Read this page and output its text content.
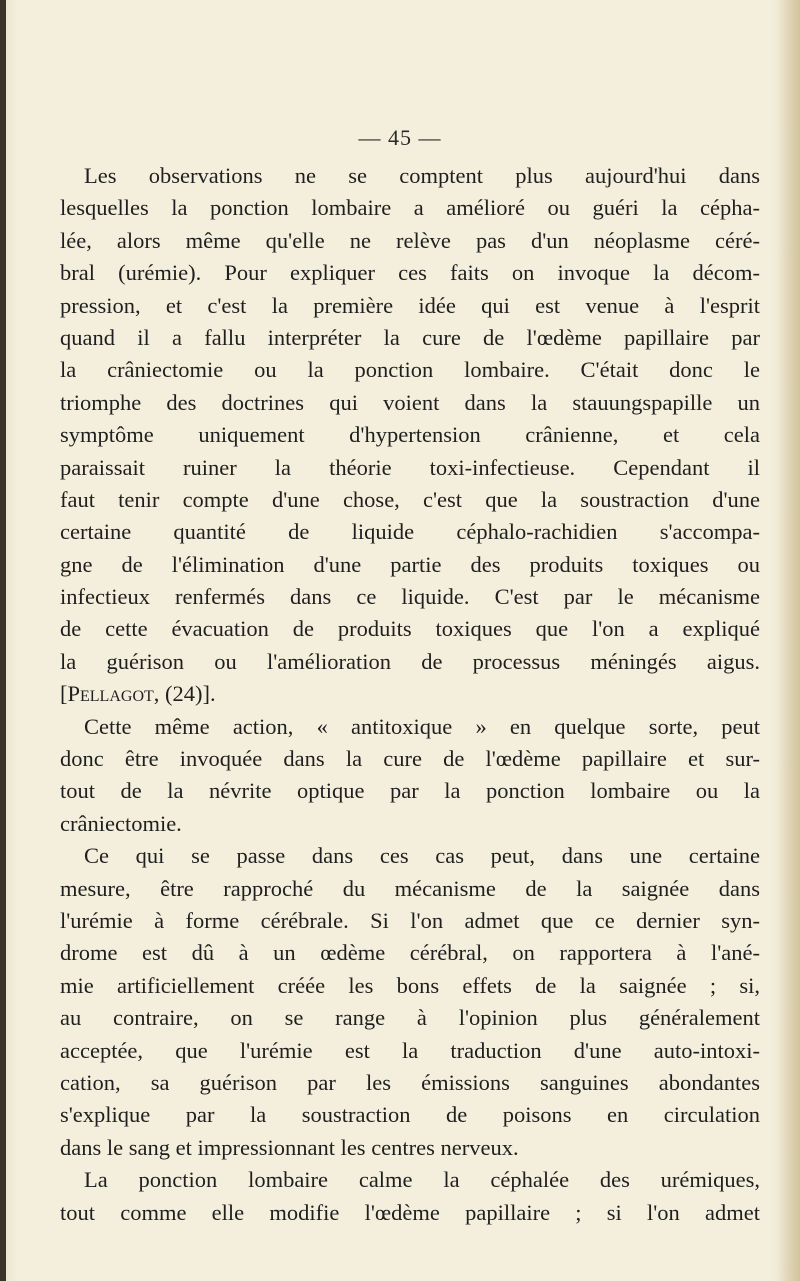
— 45 —
Les observations ne se comptent plus aujourd'hui dans
lesquelles la ponction lombaire a amélioré ou guéri la cépha-
lée, alors même qu'elle ne relève pas d'un néoplasme céré-
bral (urémie). Pour expliquer ces faits on invoque la décom-
pression, et c'est la première idée qui est venue à l'esprit
quand il a fallu interpréter la cure de l'œdème papillaire par
la crâniectomie ou la ponction lombaire. C'était donc le
triomphe des doctrines qui voient dans la stauungspapille un
symptôme uniquement d'hypertension crânienne, et cela
paraissait ruiner la théorie toxi-infectieuse. Cependant il
faut tenir compte d'une chose, c'est que la soustraction d'une
certaine quantité de liquide céphalo-rachidien s'accompa-
gne de l'élimination d'une partie des produits toxiques ou
infectieux renfermés dans ce liquide. C'est par le mécanisme
de cette évacuation de produits toxiques que l'on a expliqué
la guérison ou l'amélioration de processus méningés aigus.
[Pellagot, (24)].
Cette même action, « antitoxique » en quelque sorte, peut
donc être invoquée dans la cure de l'œdème papillaire et sur-
tout de la névrite optique par la ponction lombaire ou la
crâniectomie.
Ce qui se passe dans ces cas peut, dans une certaine
mesure, être rapproché du mécanisme de la saignée dans
l'urémie à forme cérébrale. Si l'on admet que ce dernier syn-
drome est dû à un œdème cérébral, on rapportera à l'ané-
mie artificiellement créée les bons effets de la saignée ; si,
au contraire, on se range à l'opinion plus généralement
acceptée, que l'urémie est la traduction d'une auto-intoxi-
cation, sa guérison par les émissions sanguines abondantes
s'explique par la soustraction de poisons en circulation
dans le sang et impressionnant les centres nerveux.
La ponction lombaire calme la céphalée des urémiques,
tout comme elle modifie l'œdème papillaire ; si l'on admet
